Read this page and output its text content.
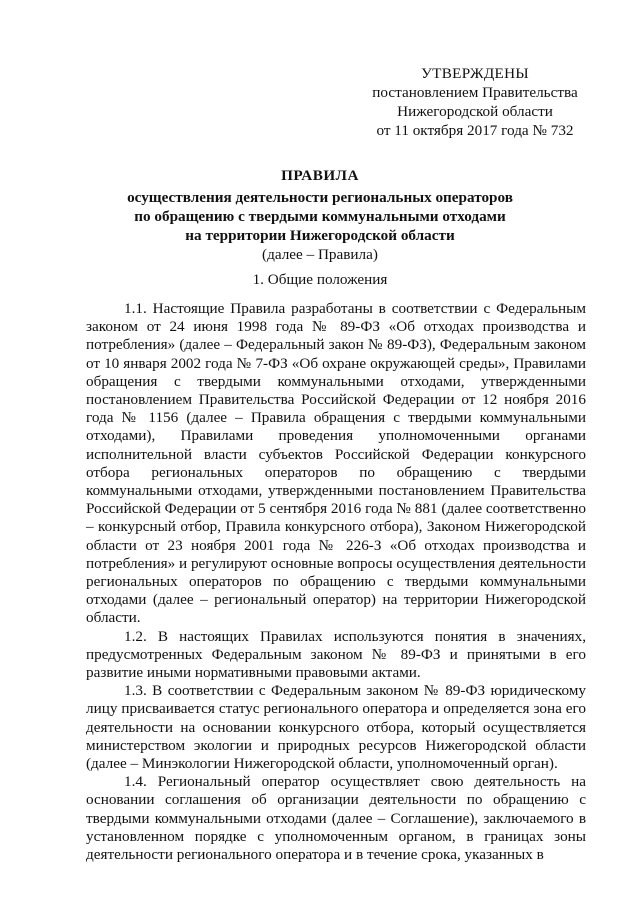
УТВЕРЖДЕНЫ
постановлением Правительства
Нижегородской области
от 11 октября 2017 года № 732
ПРАВИЛА
осуществления деятельности региональных операторов
по обращению с твердыми коммунальными отходами
на территории Нижегородской области
(далее – Правила)
1. Общие положения

1.1. Настоящие Правила разработаны в соответствии с Федеральным законом от 24 июня 1998 года № 89-ФЗ «Об отходах производства и потребления» (далее – Федеральный закон № 89-ФЗ), Федеральным законом от 10 января 2002 года № 7-ФЗ «Об охране окружающей среды», Правилами обращения с твердыми коммунальными отходами, утвержденными постановлением Правительства Российской Федерации от 12 ноября 2016 года № 1156 (далее – Правила обращения с твердыми коммунальными отходами), Правилами проведения уполномоченными органами исполнительной власти субъектов Российской Федерации конкурсного отбора региональных операторов по обращению с твердыми коммунальными отходами, утвержденными постановлением Правительства Российской Федерации от 5 сентября 2016 года № 881 (далее соответственно – конкурсный отбор, Правила конкурсного отбора), Законом Нижегородской области от 23 ноября 2001 года № 226-З «Об отходах производства и потребления» и регулируют основные вопросы осуществления деятельности региональных операторов по обращению с твердыми коммунальными отходами (далее – региональный оператор) на территории Нижегородской области.

1.2. В настоящих Правилах используются понятия в значениях, предусмотренных Федеральным законом № 89-ФЗ и принятыми в его развитие иными нормативными правовыми актами.

1.3. В соответствии с Федеральным законом № 89-ФЗ юридическому лицу присваивается статус регионального оператора и определяется зона его деятельности на основании конкурсного отбора, который осуществляется министерством экологии и природных ресурсов Нижегородской области (далее – Минэкологии Нижегородской области, уполномоченный орган).

1.4. Региональный оператор осуществляет свою деятельность на основании соглашения об организации деятельности по обращению с твердыми коммунальными отходами (далее – Соглашение), заключаемого в установленном порядке с уполномоченным органом, в границах зоны деятельности регионального оператора и в течение срока, указанных в
